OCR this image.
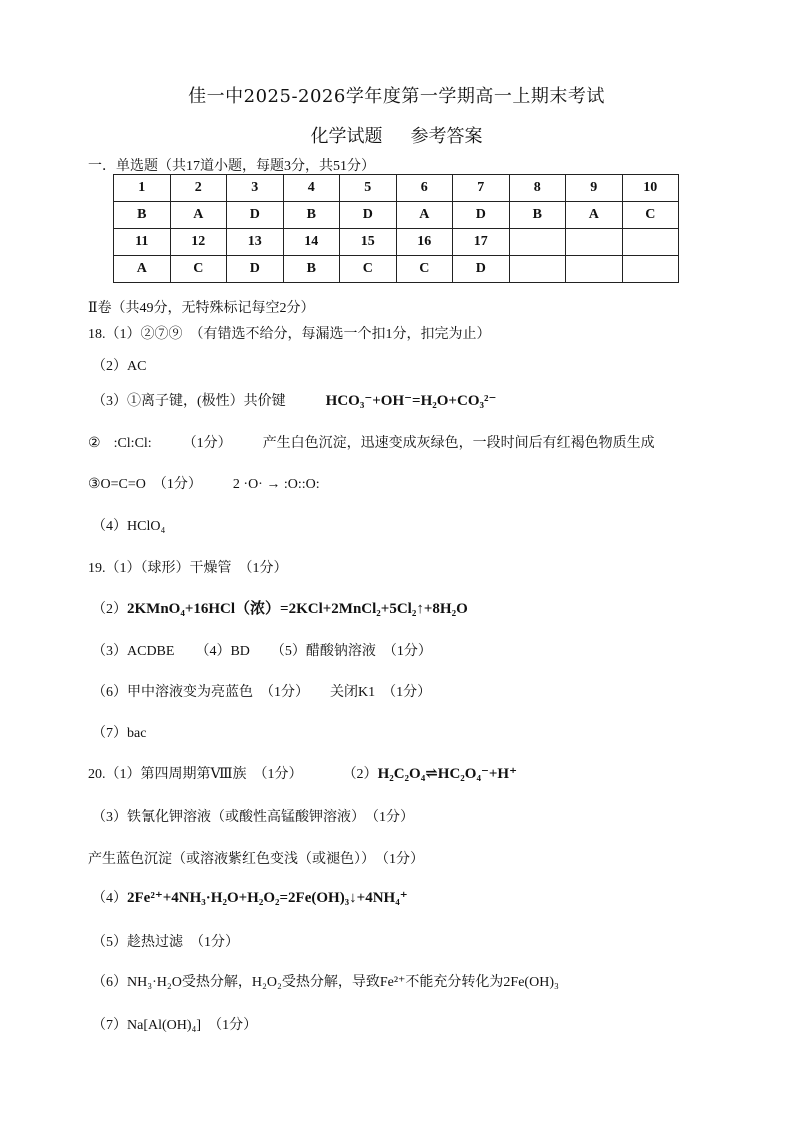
佳一中2025-2026学年度第一学期高一上期末考试
化学试题 参考答案
一．单选题（共17道小题，每题3分，共51分）
1	2	3	4	5	6	7	8	9	10
B	A	D	B	D	A	D	B	A	C
11	12	13	14	15	16	17			
A	C	D	B	C	C	D			
Ⅱ卷（共49分，无特殊标记每空2分）
18.（1）②⑦⑨　（有错选不给分，每漏选一个扣1分，扣完为止）
（2）AC
（3）①离子键，(极性）共价键	HCO₃⁻+OH⁻=H₂O+CO₃²⁻
② :Cl:Cl: （1分） 产生白色沉淀，迅速变成灰绿色，一段时间后有红褐色物质生成
③O=C=O　（1分） 2 ·O· → :O::O:
（4）HClO₄
19.（1）（球形）干燥管　（1分）
（2）2KMnO₄+16HCl（浓）=2KCl+2MnCl₂+5Cl₂↑+8H₂O
（3）ACDBE　　（4）BD　　（5）醋酸钠溶液　（1分）
（6）甲中溶液变为亮蓝色　（1分）　　关闭K1　（1分）
（7）bac
20.（1）第四周期第Ⅷ族　（1分）	（2）H₂C₂O₄⇌HC₂O₄⁻+H⁺
（3）铁氰化钾溶液（或酸性高锰酸钾溶液）　（1分）
产生蓝色沉淀（或溶液紫红色变浅（或褪色））　（1分）
（4）2Fe²⁺+4NH₃·H₂O+H₂O₂=2Fe(OH)₃↓+4NH₄⁺
（5）趁热过滤　（1分）
（6）NH₃·H₂O受热分解，H₂O₂受热分解，导致Fe²⁺不能充分转化为2Fe(OH)₃
（7）Na[Al(OH)₄]　（1分）
